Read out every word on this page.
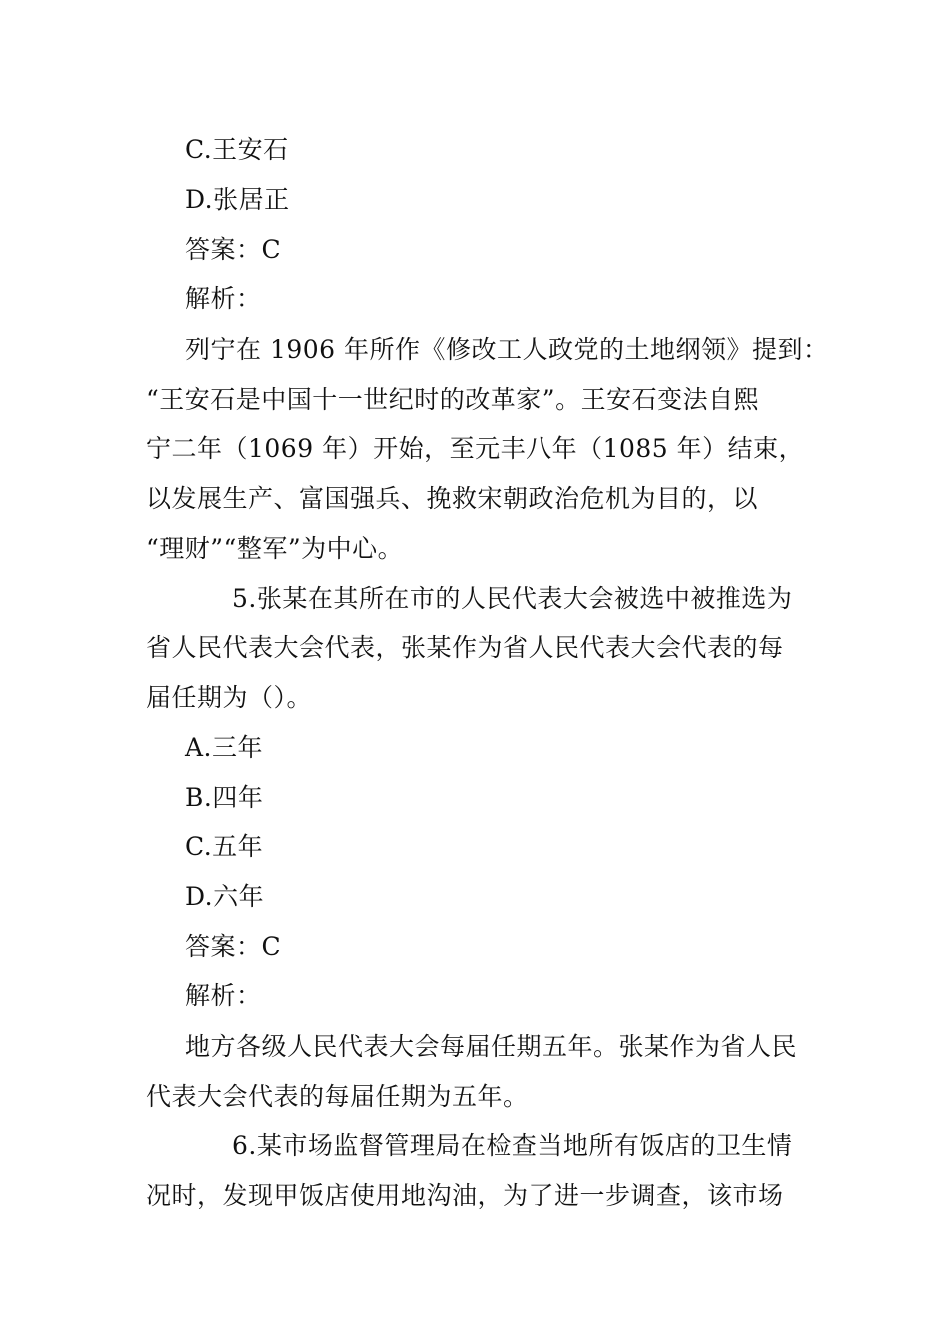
C.王安石

D.张居正

答案：C

解析：

列宁在 1906 年所作《修改工人政党的土地纲领》提到：

“王安石是中国十一世纪时的改革家”。王安石变法自熙

宁二年（1069 年）开始，至元丰八年（1085 年）结束，

以发展生产、富国强兵、挽救宋朝政治危机为目的，以

“理财”“整军”为中心。

5.张某在其所在市的人民代表大会被选中被推选为

省人民代表大会代表，张某作为省人民代表大会代表的每

届任期为（）。

A.三年

B.四年

C.五年

D.六年

答案：C

解析：

地方各级人民代表大会每届任期五年。张某作为省人民

代表大会代表的每届任期为五年。

6.某市场监督管理局在检查当地所有饭店的卫生情

况时，发现甲饭店使用地沟油，为了进一步调查，该市场
